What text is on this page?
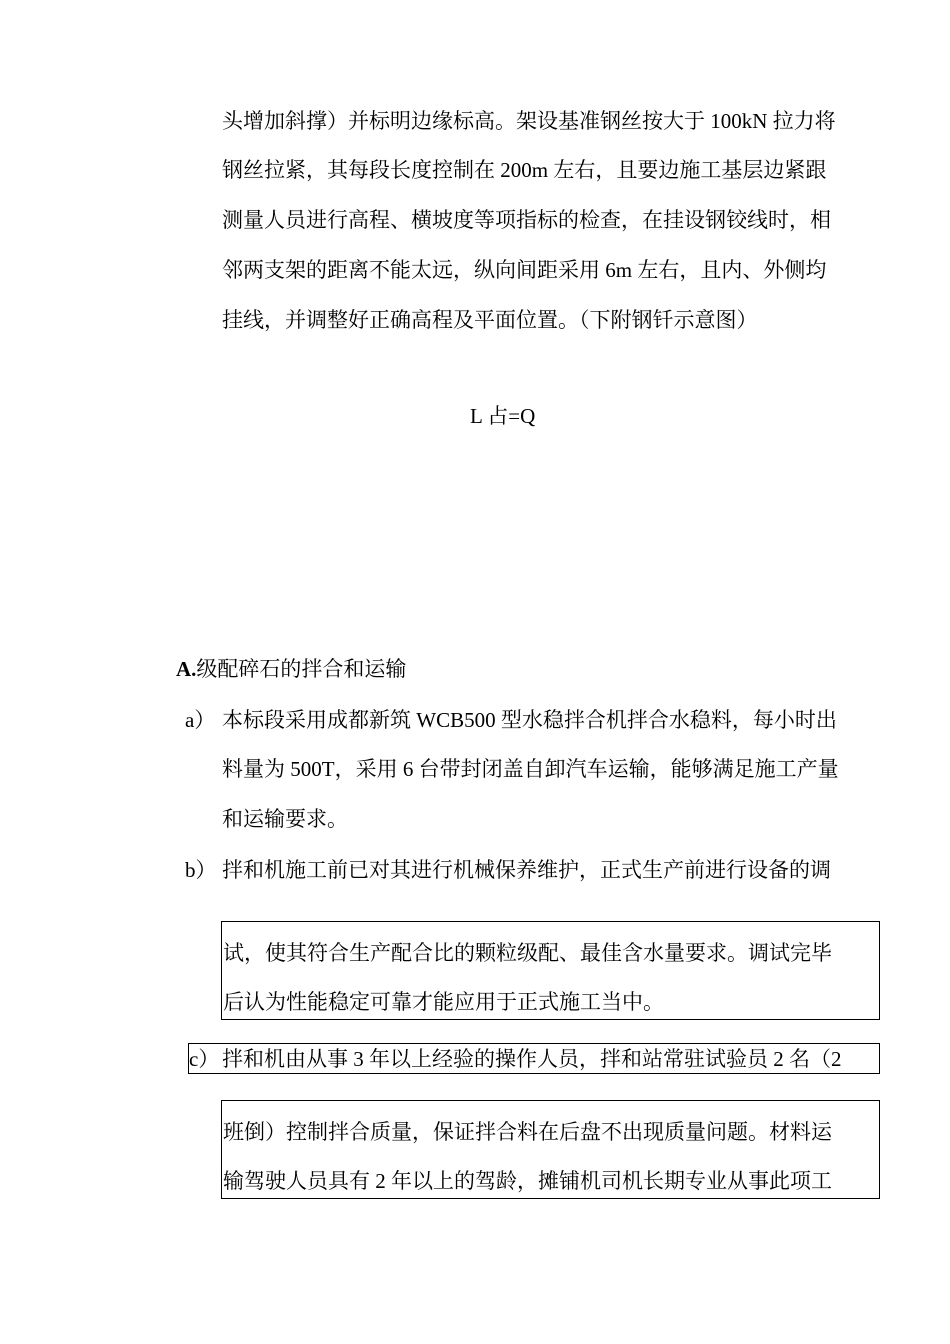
头增加斜撑）并标明边缘标高。架设基准钢丝按大于 100kN 拉力将
钢丝拉紧，其每段长度控制在 200m 左右，且要边施工基层边紧跟
测量人员进行高程、横坡度等项指标的检查，在挂设钢铰线时，相
邻两支架的距离不能太远，纵向间距采用 6m 左右，且内、外侧均
挂线，并调整好正确高程及平面位置。（下附钢钎示意图）
L 占=Q
A.级配碎石的拌合和运输
a） 本标段采用成都新筑 WCB500 型水稳拌合机拌合水稳料，每小时出
料量为 500T，采用 6 台带封闭盖自卸汽车运输，能够满足施工产量
和运输要求。
b） 拌和机施工前已对其进行机械保养维护，正式生产前进行设备的调
试，使其符合生产配合比的颗粒级配、最佳含水量要求。调试完毕
后认为性能稳定可靠才能应用于正式施工当中。
c） 拌和机由从事 3 年以上经验的操作人员，拌和站常驻试验员 2 名（2
班倒）控制拌合质量，保证拌合料在后盘不出现质量问题。材料运
输驾驶人员具有 2 年以上的驾龄，摊铺机司机长期专业从事此项工
